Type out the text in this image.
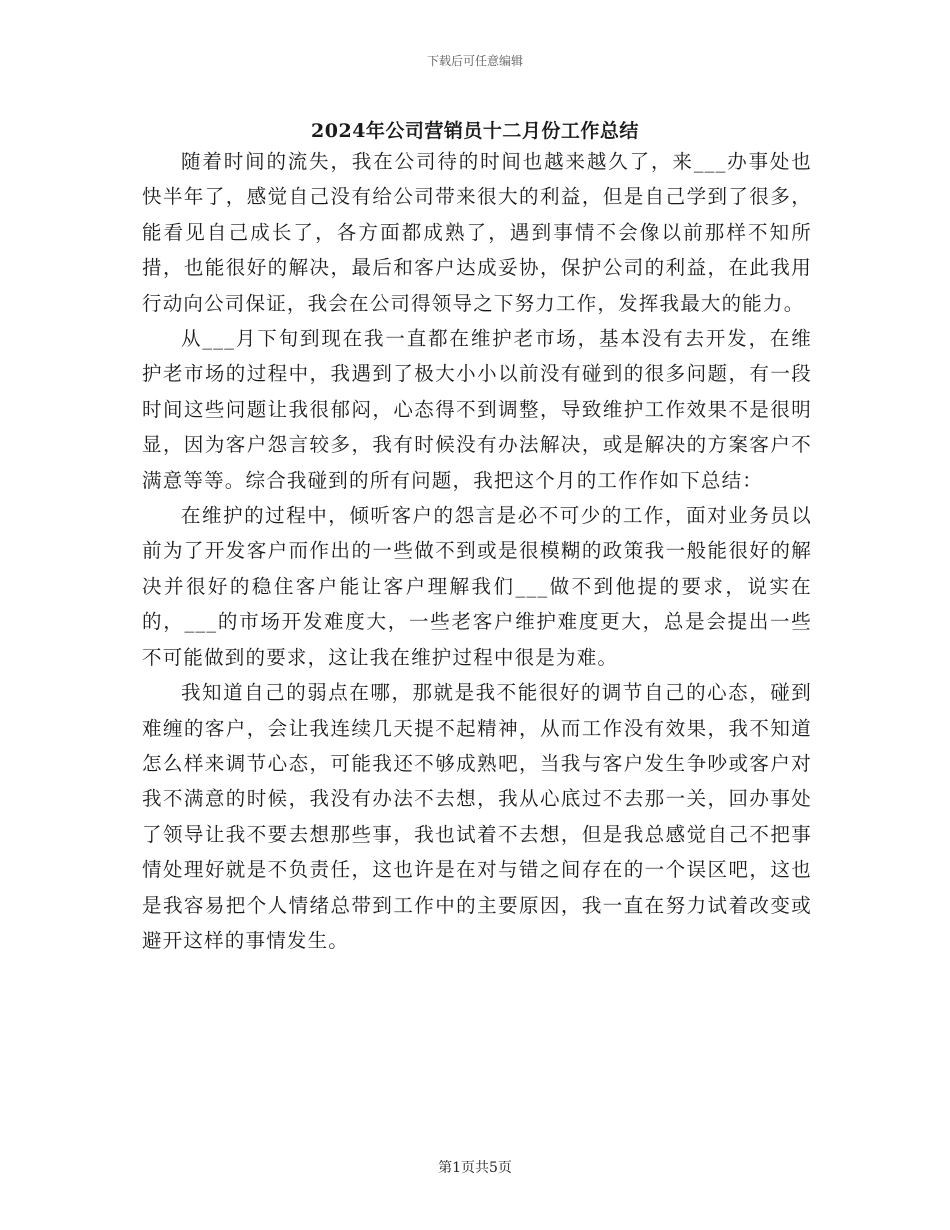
下载后可任意编辑
2024年公司营销员十二月份工作总结

随着时间的流失，我在公司待的时间也越来越久了，来___办事处也快半年了，感觉自己没有给公司带来很大的利益，但是自己学到了很多，能看见自己成长了，各方面都成熟了，遇到事情不会像以前那样不知所措，也能很好的解决，最后和客户达成妥协，保护公司的利益，在此我用行动向公司保证，我会在公司得领导之下努力工作，发挥我最大的能力。

从___月下旬到现在我一直都在维护老市场，基本没有去开发，在维护老市场的过程中，我遇到了极大小小以前没有碰到的很多问题，有一段时间这些问题让我很郁闷，心态得不到调整，导致维护工作效果不是很明显，因为客户怨言较多，我有时候没有办法解决，或是解决的方案客户不满意等等。综合我碰到的所有问题，我把这个月的工作作如下总结：

在维护的过程中，倾听客户的怨言是必不可少的工作，面对业务员以前为了开发客户而作出的一些做不到或是很模糊的政策我一般能很好的解决并很好的稳住客户能让客户理解我们___做不到他提的要求，说实在的，___的市场开发难度大，一些老客户维护难度更大，总是会提出一些不可能做到的要求，这让我在维护过程中很是为难。

我知道自己的弱点在哪，那就是我不能很好的调节自己的心态，碰到难缠的客户，会让我连续几天提不起精神，从而工作没有效果，我不知道怎么样来调节心态，可能我还不够成熟吧，当我与客户发生争吵或客户对我不满意的时候，我没有办法不去想，我从心底过不去那一关，回办事处了领导让我不要去想那些事，我也试着不去想，但是我总感觉自己不把事情处理好就是不负责任，这也许是在对与错之间存在的一个误区吧，这也是我容易把个人情绪总带到工作中的主要原因，我一直在努力试着改变或避开这样的事情发生。

第1页共5页
